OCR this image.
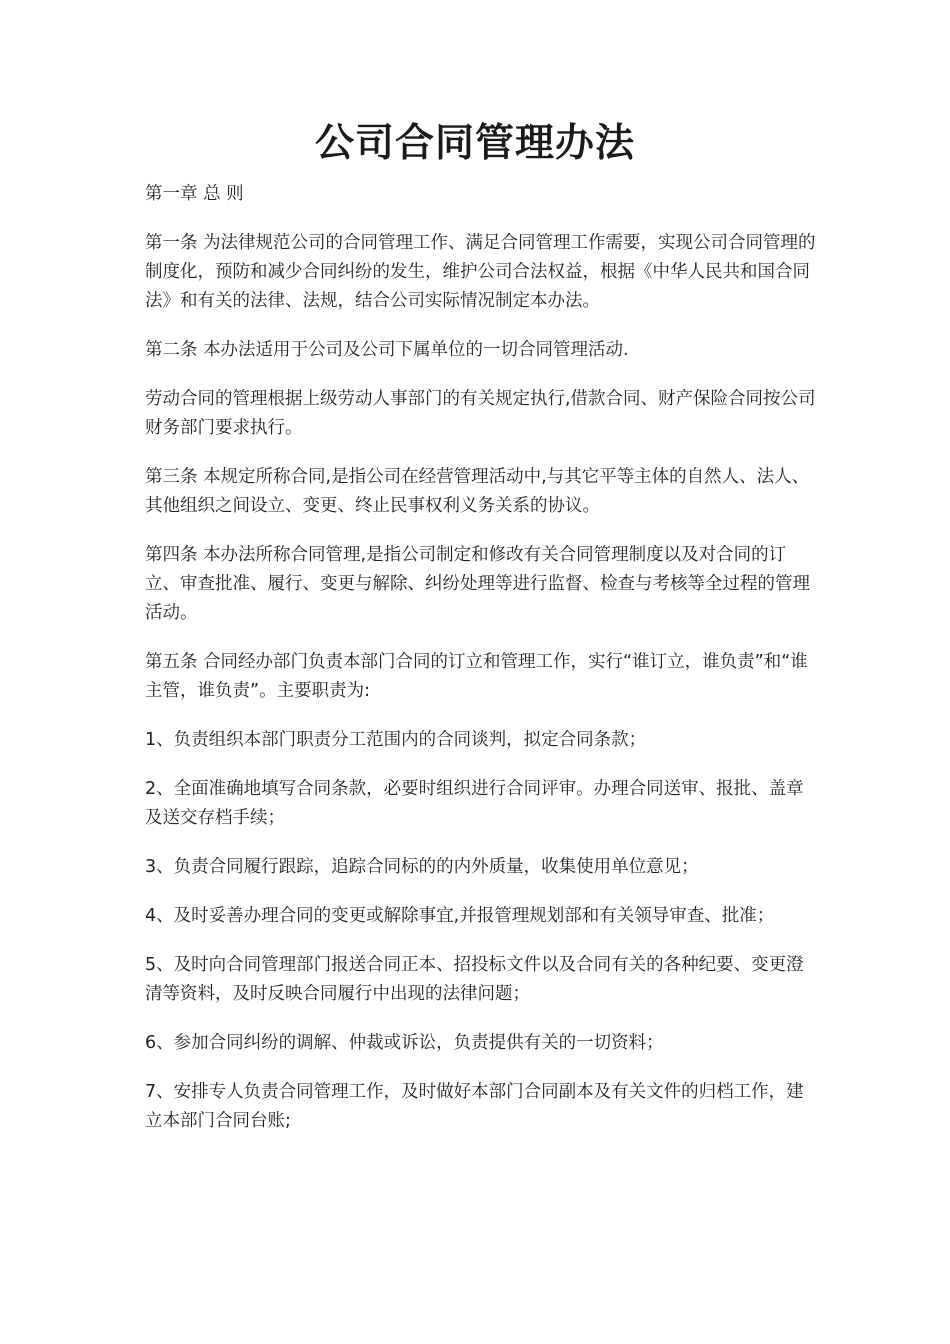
公司合同管理办法

第一章 总 则

第一条 为法律规范公司的合同管理工作、满足合同管理工作需要，实现公司合同管理的制度化，预防和减少合同纠纷的发生，维护公司合法权益，根据《中华人民共和国合同法》和有关的法律、法规，结合公司实际情况制定本办法。

第二条 本办法适用于公司及公司下属单位的一切合同管理活动.

劳动合同的管理根据上级劳动人事部门的有关规定执行,借款合同、财产保险合同按公司财务部门要求执行。

第三条 本规定所称合同,是指公司在经营管理活动中,与其它平等主体的自然人、法人、其他组织之间设立、变更、终止民事权利义务关系的协议。

第四条 本办法所称合同管理,是指公司制定和修改有关合同管理制度以及对合同的订立、审查批准、履行、变更与解除、纠纷处理等进行监督、检查与考核等全过程的管理活动。

第五条 合同经办部门负责本部门合同的订立和管理工作，实行“谁订立，谁负责”和“谁主管，谁负责”。主要职责为:

1、负责组织本部门职责分工范围内的合同谈判，拟定合同条款；

2、全面准确地填写合同条款，必要时组织进行合同评审。办理合同送审、报批、盖章及送交存档手续；

3、负责合同履行跟踪，追踪合同标的的内外质量，收集使用单位意见；

4、及时妥善办理合同的变更或解除事宜,并报管理规划部和有关领导审查、批准；

5、及时向合同管理部门报送合同正本、招投标文件以及合同有关的各种纪要、变更澄清等资料，及时反映合同履行中出现的法律问题；

6、参加合同纠纷的调解、仲裁或诉讼，负责提供有关的一切资料；

7、安排专人负责合同管理工作，及时做好本部门合同副本及有关文件的归档工作，建立本部门合同台账;
